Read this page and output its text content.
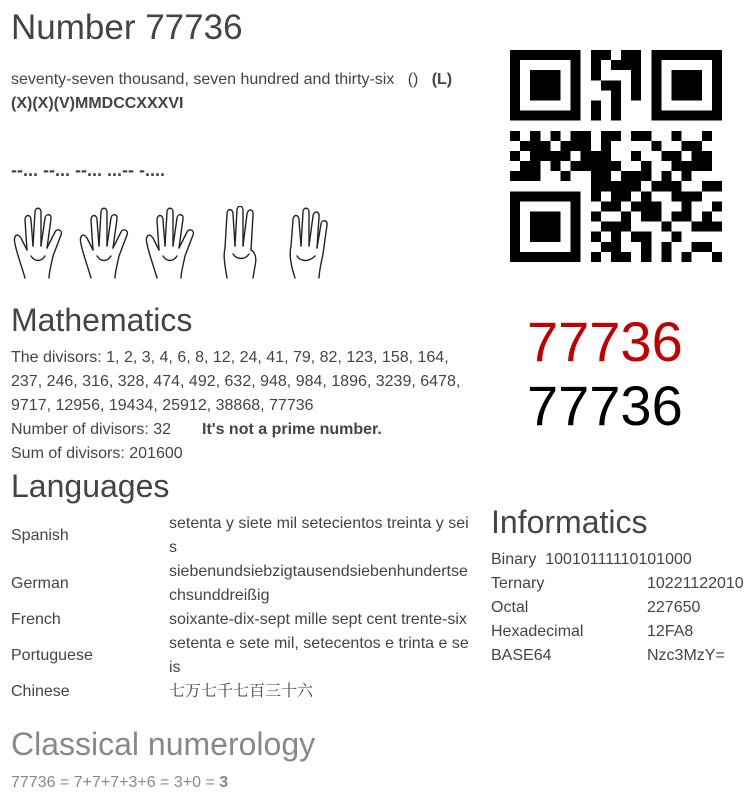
Number 77736
seventy-seven thousand, seven hundred and thirty-six () (L)
(X)(X)(V)MMDCCXXXVI
--... --... --... ...-- -....
77736
77736
Mathematics
The divisors: 1, 2, 3, 4, 6, 8, 12, 24, 41, 79, 82, 123, 158, 164, 237, 246, 316, 328, 474, 492, 632, 948, 984, 1896, 3239, 6478, 9717, 12956, 19434, 25912, 38868, 77736
Number of divisors: 32 It's not a prime number.
Sum of divisors: 201600
Languages
Spanish	setenta y siete mil setecientos treinta y seis
German	siebenundsiebzigtausendsiebenhundertsechsunddreißig
French	soixante-dix-sept mille sept cent trente-six
Portuguese	setenta e sete mil, setecentos e trinta e seis
Chinese	七万七千七百三十六
Informatics
Binary 10010111110101000
Ternary	10221122010
Octal	227650
Hexadecimal	12FA8
BASE64	Nzc3MzY=
Classical numerology
77736 = 7+7+7+3+6 = 3+0 = 3
